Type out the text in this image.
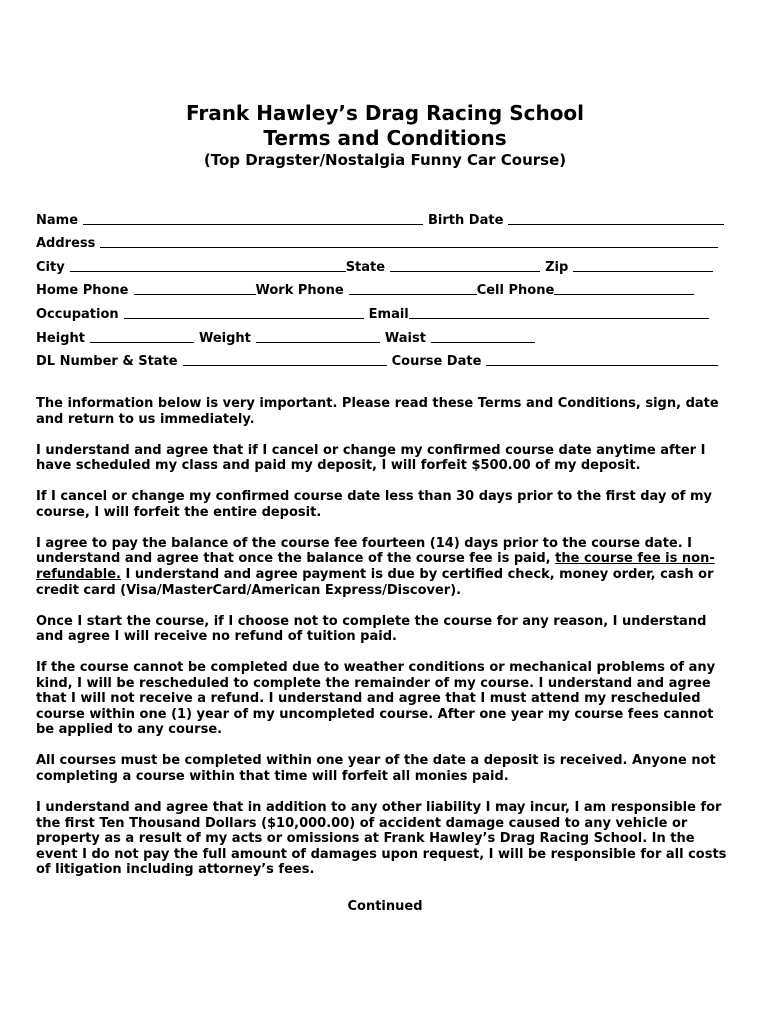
Frank Hawley’s Drag Racing School
Terms and Conditions
(Top Dragster/Nostalgia Funny Car Course)
Name	Birth Date
Address
City	State	Zip
Home Phone	Work Phone	Cell Phone
Occupation	Email
Height	Weight	Waist
DL Number & State	Course Date

The information below is very important. Please read these Terms and Conditions, sign, date and return to us immediately.

I understand and agree that if I cancel or change my confirmed course date anytime after I have scheduled my class and paid my deposit, I will forfeit $500.00 of my deposit.

If I cancel or change my confirmed course date less than 30 days prior to the first day of my course, I will forfeit the entire deposit.

I agree to pay the balance of the course fee fourteen (14) days prior to the course date. I understand and agree that once the balance of the course fee is paid, the course fee is non-refundable. I understand and agree payment is due by certified check, money order, cash or credit card (Visa/MasterCard/American Express/Discover).

Once I start the course, if I choose not to complete the course for any reason, I understand and agree I will receive no refund of tuition paid.

If the course cannot be completed due to weather conditions or mechanical problems of any kind, I will be rescheduled to complete the remainder of my course. I understand and agree that I will not receive a refund. I understand and agree that I must attend my rescheduled course within one (1) year of my uncompleted course. After one year my course fees cannot be applied to any course.

All courses must be completed within one year of the date a deposit is received. Anyone not completing a course within that time will forfeit all monies paid.

I understand and agree that in addition to any other liability I may incur, I am responsible for the first Ten Thousand Dollars ($10,000.00) of accident damage caused to any vehicle or property as a result of my acts or omissions at Frank Hawley’s Drag Racing School. In the event I do not pay the full amount of damages upon request, I will be responsible for all costs of litigation including attorney’s fees.

Continued
